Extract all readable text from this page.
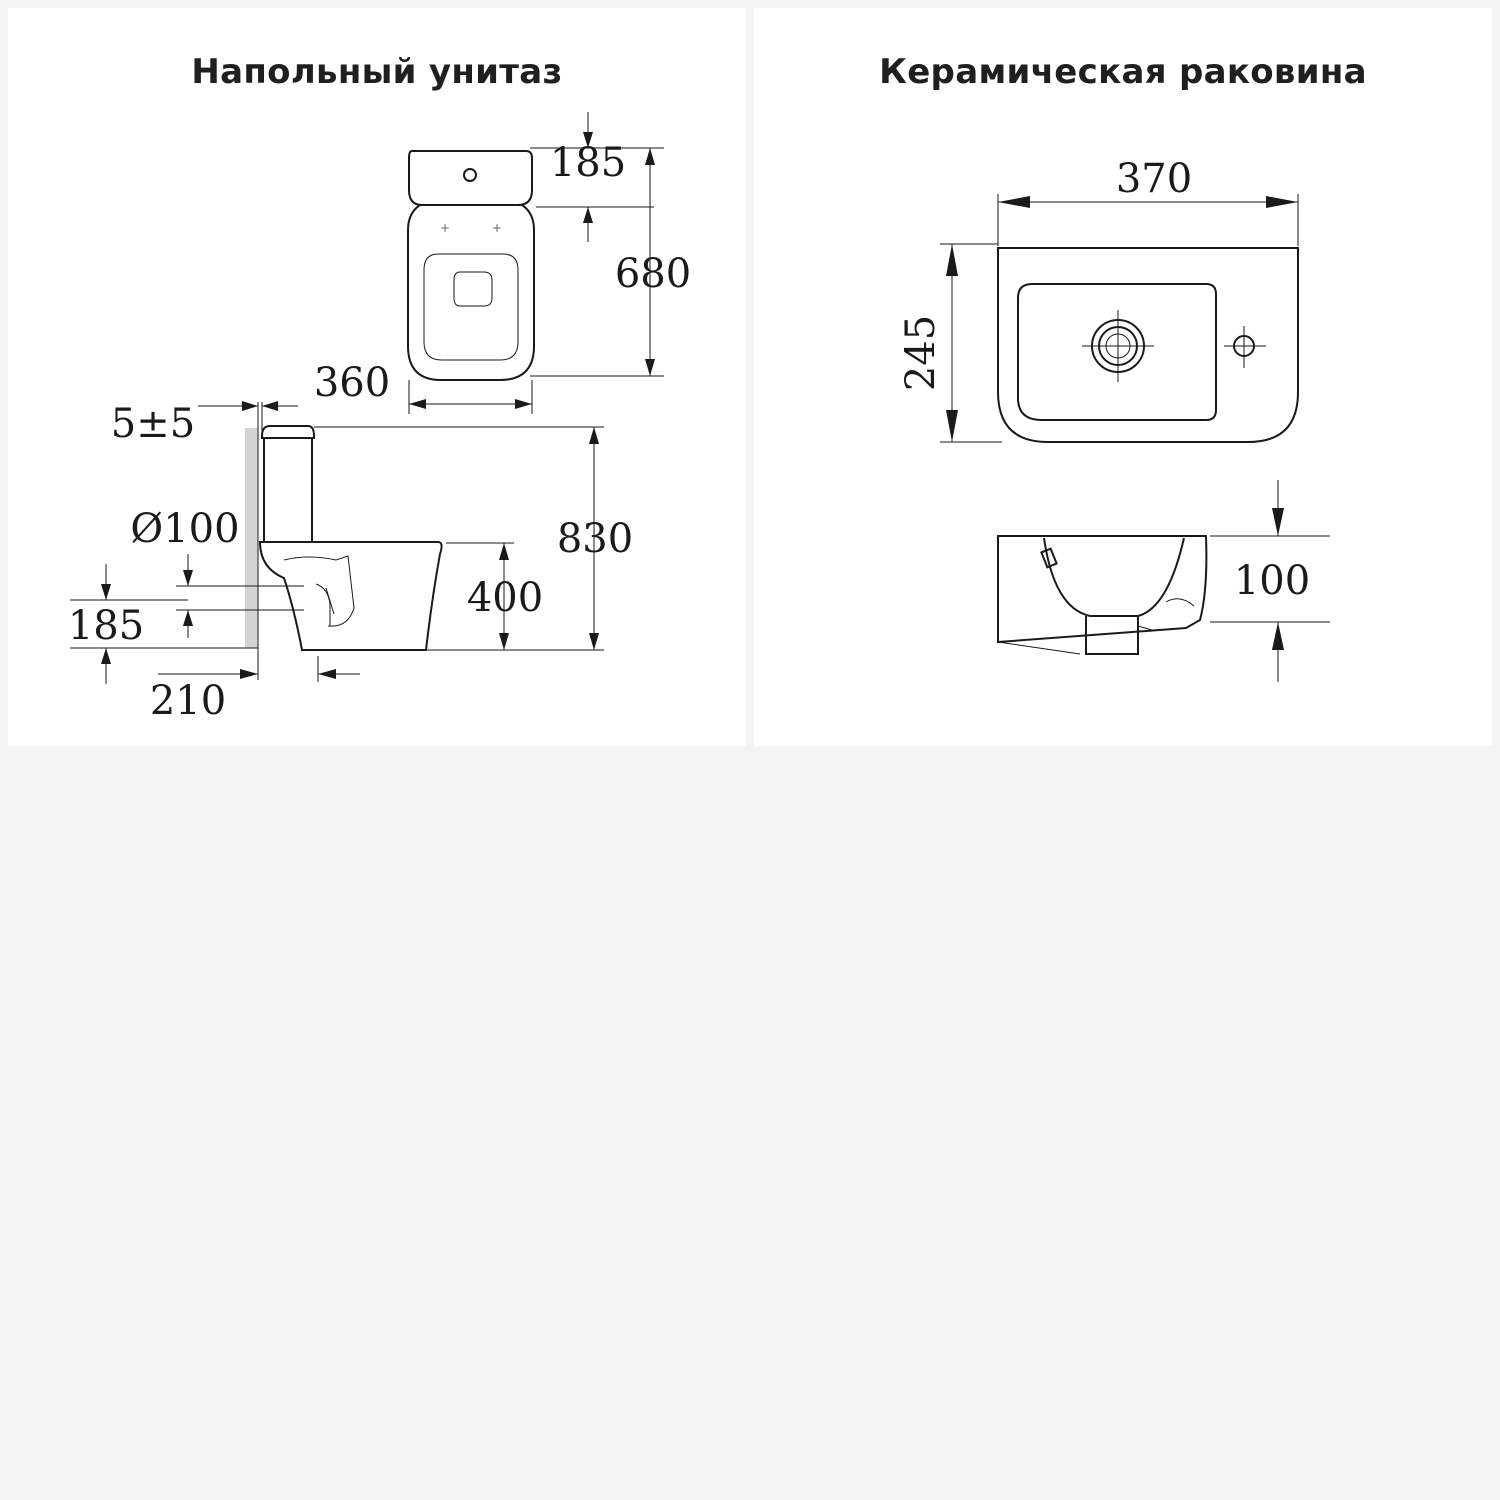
Напольный унитаз
+	+
185
680
360
5±5
Ø100
185
400
830
210
Керамическая раковина
370
245
100
